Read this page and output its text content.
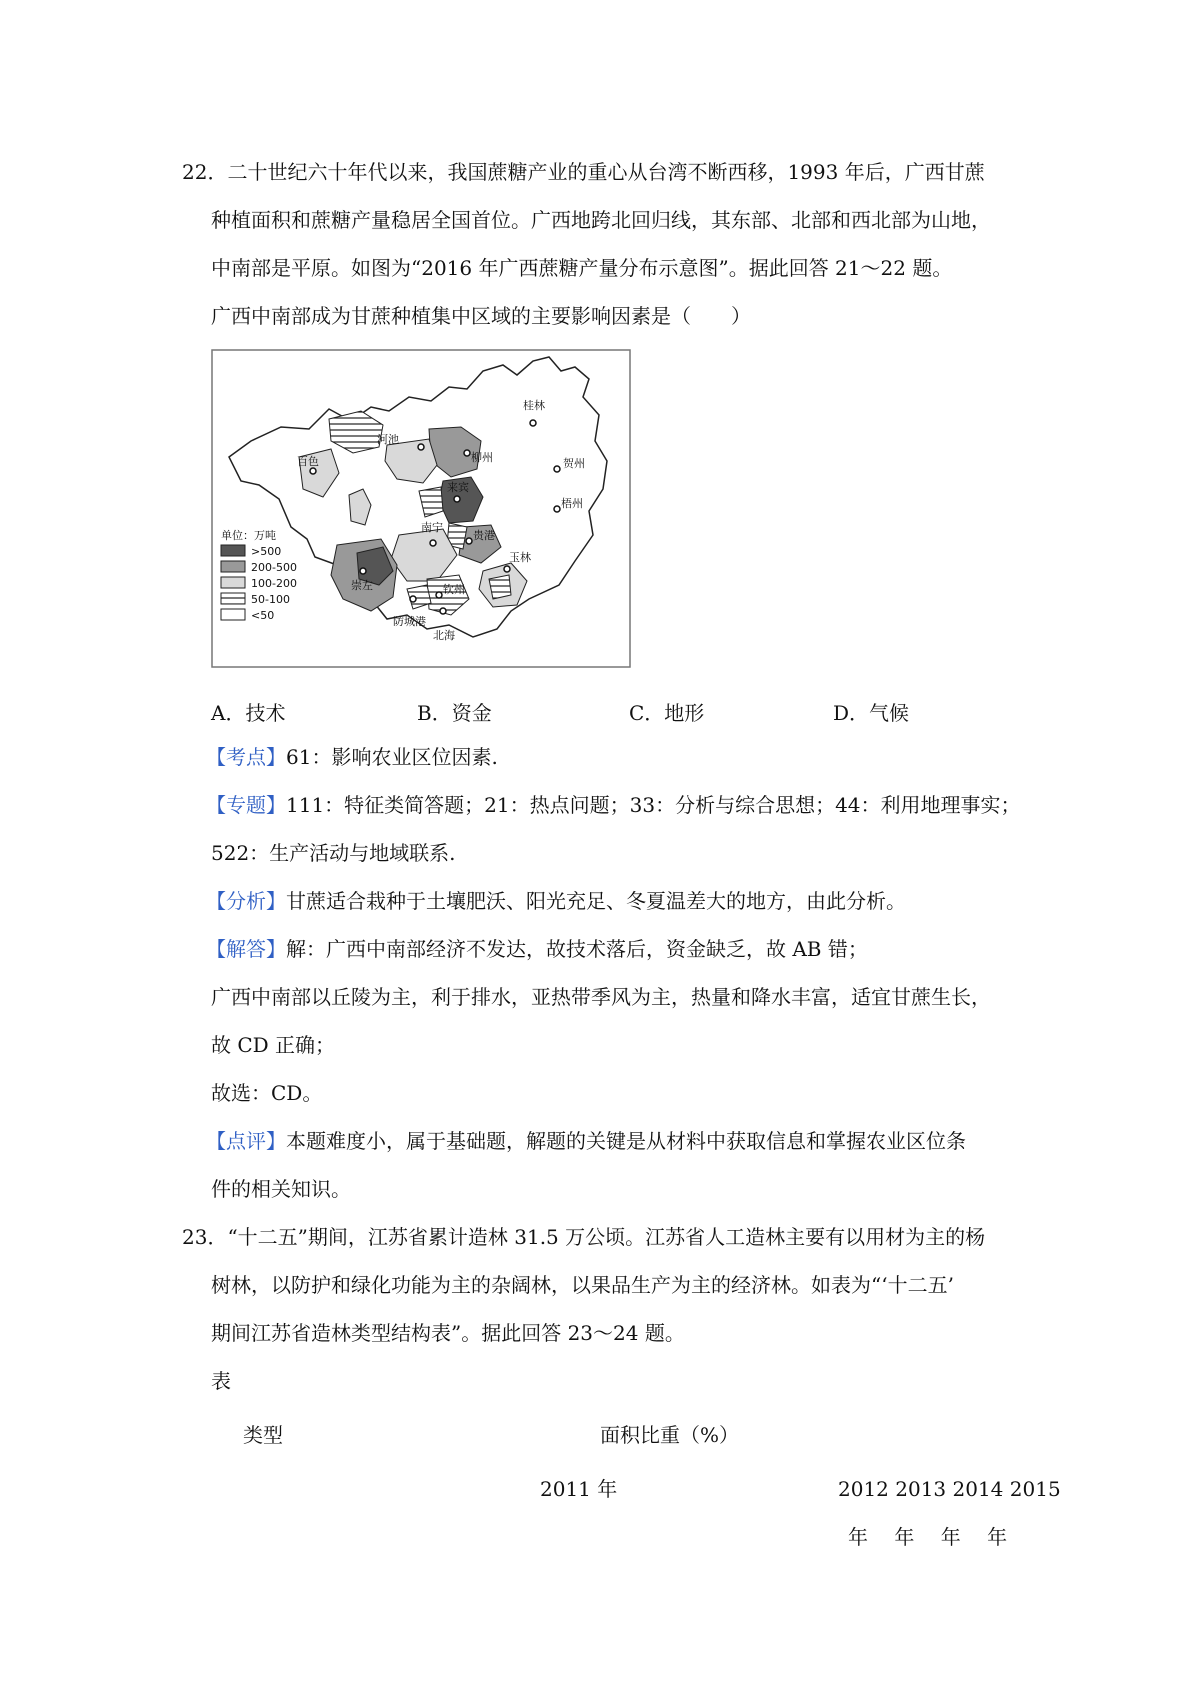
22．二十世纪六十年代以来，我国蔗糖产业的重心从台湾不断西移，1993 年后，广西甘蔗
种植面积和蔗糖产量稳居全国首位。广西地跨北回归线，其东部、北部和西北部为山地，
中南部是平原。如图为“2016 年广西蔗糖产量分布示意图”。据此回答 21～22 题。
广西中南部成为甘蔗种植集中区域的主要影响因素是（　　）
桂林
河池
柳州	贺州
百色
来宾
梧州
南宁
贵港
玉林
崇左	钦州
防城港
北海
单位：万吨
>500
200-500
100-200
50-100
<50
A．技术	B．资金	C．地形	D．气候
【考点】61：影响农业区位因素.
【专题】111：特征类简答题；21：热点问题；33：分析与综合思想；44：利用地理事实；
522：生产活动与地域联系.
【分析】甘蔗适合栽种于土壤肥沃、阳光充足、冬夏温差大的地方，由此分析。
【解答】解：广西中南部经济不发达，故技术落后，资金缺乏，故 AB 错；
广西中南部以丘陵为主，利于排水，亚热带季风为主，热量和降水丰富，适宜甘蔗生长，
故 CD 正确；
故选：CD。
【点评】本题难度小，属于基础题，解题的关键是从材料中获取信息和掌握农业区位条
件的相关知识。
23．“十二五”期间，江苏省累计造林 31.5 万公顷。江苏省人工造林主要有以用材为主的杨
树林，以防护和绿化功能为主的杂阔林，以果品生产为主的经济林。如表为“‘十二五’
期间江苏省造林类型结构表”。据此回答 23～24 题。
表
类型	面积比重（%）
2011 年	2012 2013 2014 2015
年　 年　 年　 年
